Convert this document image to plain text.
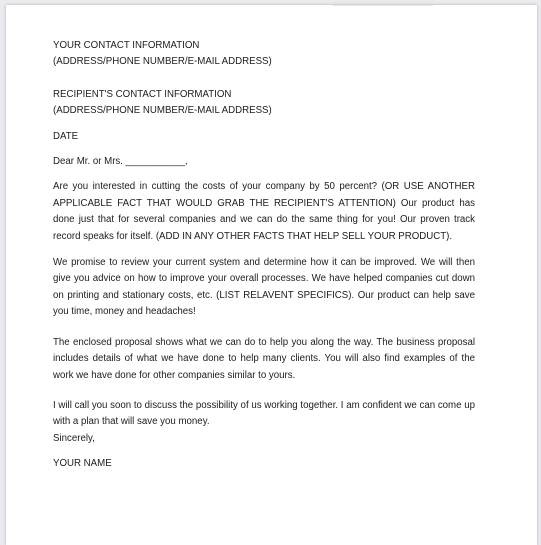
YOUR CONTACT INFORMATION
(ADDRESS/PHONE NUMBER/E-MAIL ADDRESS)
RECIPIENT'S CONTACT INFORMATION
(ADDRESS/PHONE NUMBER/E-MAIL ADDRESS)
DATE
Dear Mr. or Mrs. ___________,

Are you interested in cutting the costs of your company by 50 percent? (OR USE ANOTHER APPLICABLE FACT THAT WOULD GRAB THE RECIPIENT'S ATTENTION) Our product has done just that for several companies and we can do the same thing for you! Our proven track record speaks for itself. (ADD IN ANY OTHER FACTS THAT HELP SELL YOUR PRODUCT).

We promise to review your current system and determine how it can be improved. We will then give you advice on how to improve your overall processes. We have helped companies cut down on printing and stationary costs, etc. (LIST RELAVENT SPECIFICS). Our product can help save you time, money and headaches!

The enclosed proposal shows what we can do to help you along the way. The business proposal includes details of what we have done to help many clients. You will also find examples of the work we have done for other companies similar to yours.

I will call you soon to discuss the possibility of us working together. I am confident we can come up with a plan that will save you money.

Sincerely,
YOUR NAME
